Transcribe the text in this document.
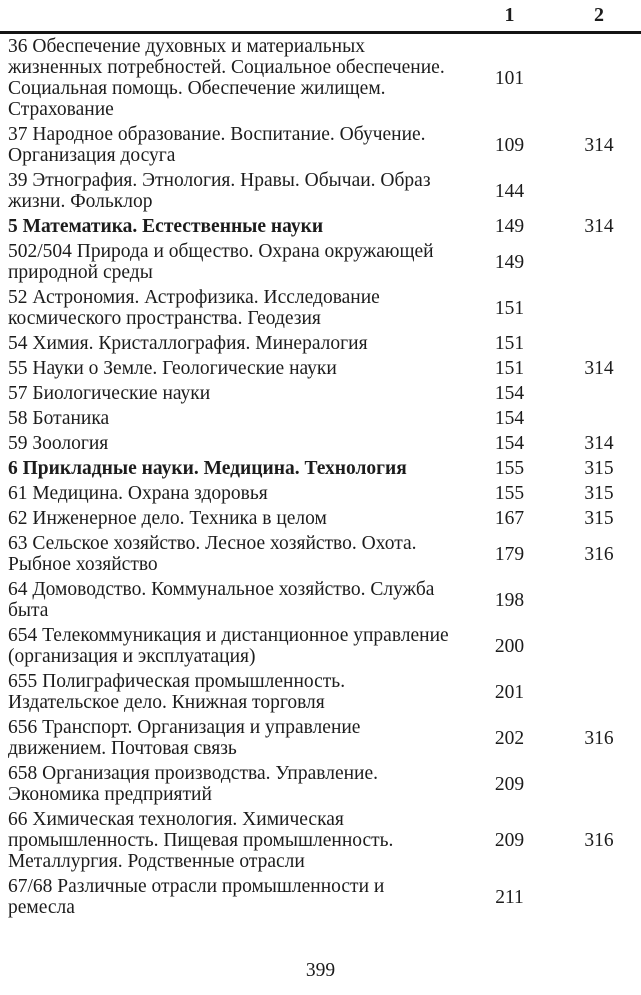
	1	2
36 Обеспечение духовных и материальных жизненных потребностей. Социальное обеспечение. Социальная помощь. Обеспечение жилищем. Страхование	101	
37 Народное образование. Воспитание. Обучение. Организация досуга	109	314
39 Этнография. Этнология. Нравы. Обычаи. Образ жизни. Фольклор	144	
5 Математика. Естественные науки	149	314
502/504 Природа и общество. Охрана окружающей природной среды	149	
52 Астрономия. Астрофизика. Исследование космического пространства. Геодезия	151	
54 Химия. Кристаллография. Минералогия	151	
55 Науки о Земле. Геологические науки	151	314
57 Биологические науки	154	
58 Ботаника	154	
59 Зоология	154	314
6 Прикладные науки. Медицина. Технология	155	315
61 Медицина. Охрана здоровья	155	315
62 Инженерное дело. Техника в целом	167	315
63 Сельское хозяйство. Лесное хозяйство. Охота. Рыбное хозяйство	179	316
64 Домоводство. Коммунальное хозяйство. Служба быта	198	
654 Телекоммуникация и дистанционное управление (организация и эксплуатация)	200	
655 Полиграфическая промышленность. Издательское дело. Книжная торговля	201	
656 Транспорт. Организация и управление движением. Почтовая связь	202	316
658 Организация производства. Управление. Экономика предприятий	209	
66 Химическая технология. Химическая промышленность. Пищевая промышленность. Металлургия. Родственные отрасли	209	316
67/68 Различные отрасли промышленности и ремесла	211	
399
